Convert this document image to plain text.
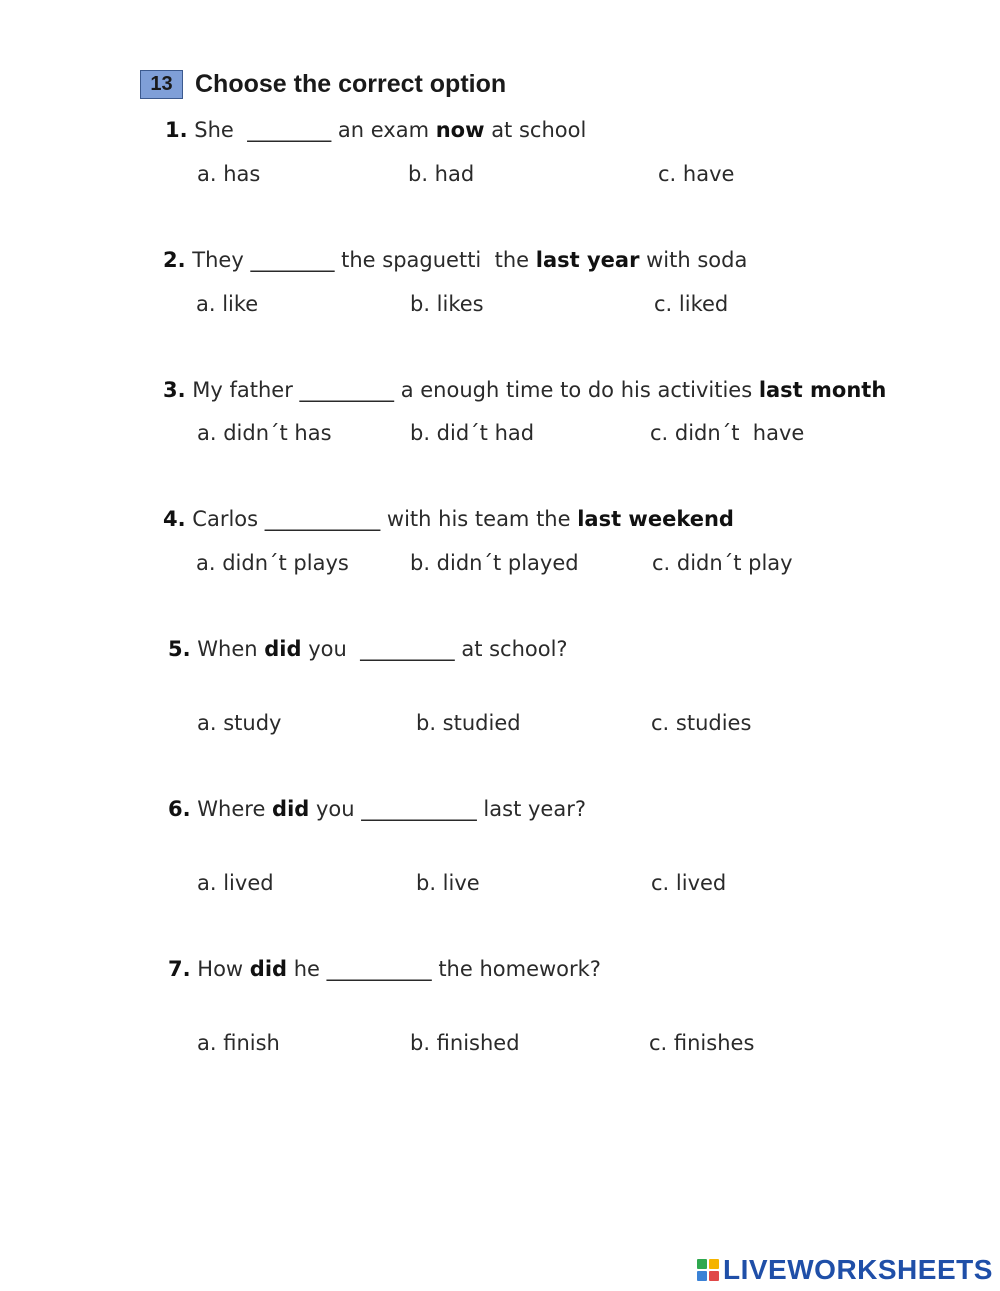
13 Choose the correct option
1. She  ________ an exam now at school
a. has	b. had	c. have
2. They ________ the spaguetti  the last year with soda
a. like	b. likes	c. liked
3. My father _________ a enough time to do his activities last month
a. didn´t has	b. did´t had	c. didn´t  have
4. Carlos ___________ with his team the last weekend
a. didn´t plays	b. didn´t played	c. didn´t play
5. When did you  _________ at school?
a. study	b. studied	c. studies
6. Where did you ___________ last year?
a. lived	b. live	c. lived
7. How did he __________ the homework?
a. finish	b. finished	c. finishes
LIVEWORKSHEETS
